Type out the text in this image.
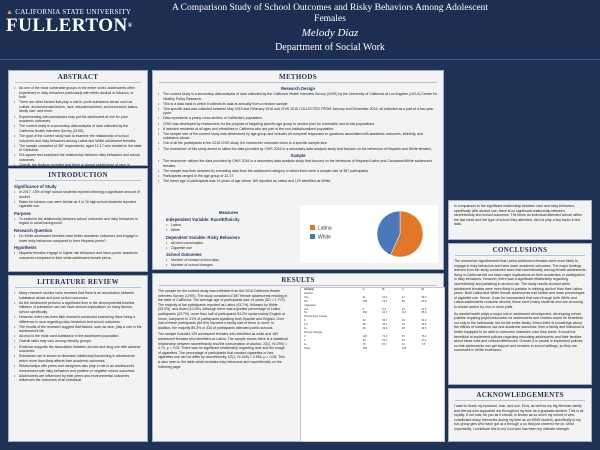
▲ CALIFORNIA STATE UNIVERSITY
FULLERTON®
A Comparison Study of School Outcomes and Risky Behaviors Among Adolescent Females
Melody Diaz
Department of Social Work
ABSTRACT
• As one of the most vulnerable groups in the entire world, adolescents often experiment in risky behaviors particularly with either alcohol or tobacco, or both.
• There are other factors that play a role in youth substance abuse such as culture, environmental factors, race, educational level, socioeconomic status, family size, and more.
• Experimenting with substances may put the adolescent at risk for poor academic outcomes.
• The current study is a secondary data analysis of data collected by the California Health Interview Survey (CHIS).
• The goal of the current study was to examine the relationship of school outcomes and risky behaviors among Latina and White adolescent females.
• The sample consisted of 387 respondents, aged 12-17 who resided in the state of California.
• Chi-square test examined the relationship between risky behaviors and school outcomes.
• Overall, the findings revealed that there is clinical significance of race in
INTRODUCTION
Significance of Study
• In 2017, 13% of high school students reported drinking a significant amount of alcohol.
• Rates for tobacco use were similar as 4 in 10 high school students reported cigarette use.
Purpose
• To examine the relationship between school outcomes and risky behaviors in regard to racial background.
Research Question
• Do White adolescent females have better academic outcomes and engage in lower risky behaviors compared to their Hispanic peers?
Hypothesis
• Hispanic females engage in higher risk behaviors and have poorer academic outcomes compared to their white adolescent female peers.
LITERATURE REVIEW
• Many research studies have revealed that there is an association between substance abuse and poor school outcomes.
• As the adolescent period is a significant time in the developmental timeline, initiation of substance use can have serious implications on many factors, school specifically.
• However, there has been little research conducted examining there being a difference in race regarding risky behaviors and school outcomes.
• The results of the research suggest that factors, such as race, play a role in the adolescent's life.
• Alcohol is the most used substance in the adolescent population.
• Overall rates may vary among minority groups.
• Evidence supports the association between alcohol and drug use with adverse outcomes.
• Substance use is known to decrease intellectual functioning in adolescents which more than likely affects their academic outcomes.
• Relationships with peers and caregivers also play a role in an adolescent's involvement with risky behaviors and positive or negative school outcomes.
• Adolescents are influenced by their peers and environmental outcomes influences the outcomes of an individual.
METHODS
Research Design
• The current study is a secondary data analysis of data collected by the California Health Interview Survey (CHIS) by the University of California at Los Angeles (UCLA) Center for Healthy Policy Research.
• This is a data bank in which it collects its data bi-annually from a random sample.
• This specific data was collected between May 2015 and February 2016 and CHIS 2016 COLLECTED FROM January and December 2016, all collected as a part of a two-year cycle.
• Data represents a yearly cross-section of California's population.
• CHIS was developed by researchers for the purpose of targeting specific age group to service plan for vulnerable and at-risk populations.
• It included residents of all ages and ethnicities in California who are part of the non-institutionalized population.
• The sample size of the current study was determined by age group and includes all complete responses to questions associated with academic outcomes, ethnicity, and substance abuse.
• Out of all the participants in the 2016 CHIS study, the researcher narrowed down to a specific sample size.
• The researcher of this study aimed to utilize the data provided by CHIS 2016 in a secondary data analysis study that focuses on the behaviors of Hispanic and White females.
Sample
• The researcher utilized the data provided by CHIS 2016 in a secondary data analysis study that focused on the behaviors of Hispanic/Latino and Caucasian/White adolescent females.
• The sample was then selected by extracting data from the adolescent category in which there were a sample size of 387 participants.
• Participants ranged in the age group of 12-17.
• The mean age of participants was 14 years of age where 169 reported as Latina and 129 identified as White.
Measures
Independent Variable: Race/Ethnicity
• Latina
• White
Dependent Variable: Risky Behaviors
• Alcohol consumption
• Cigarette use
School Outcomes
• Number of missed school days
• Number of school changes
Latina
White
RESULTS

The sample for the current study was collected from the 2016 California Health Interview Survey (CHIS). The study consisted of 387 female adolescents residing in the state of California. The average age of participants was 14 years (SD = 1.707). The majority of the participants reported as Latino (43.7%), followed by White (33.3%), and Asian (10.6%). Although there was a greater percentage of Latino participants (43.7%), more than half of participants 53.2% spoke mainly English at home, compared to 31% of participants speaking both Spanish and English. Over half of these participants (64.6%) reported a family size of three or more. In addition, the majority 86.3% or 334 of participants attended public schools.

The sample included 129 adolescent females who identified as white and 169 adolescent females who identified as Latina. The sample shows there is a statistical relationship between race/ethnicity and the consumption of alcohol, X2(1, N=299) = 4.79, p = 0.03. There was no significant relationship regarding race and the usage of cigarettes. The percentage of participants that smoked cigarettes or had cigarettes use did not differ by race/ethnicity, X2(1, N=349) = 3.556, p = 0.06. This is also seen in the table which includes risky behaviors and race/ethnicity on the following page.

Variable	n	%	n	%
Alcohol
Yes	41	24.3	47	36.4
No	128	75.7	82	63.6
Cigarettes
Yes	9	5.3	15	11.6
No	160	94.7	114	88.4
School days missed
0	62	36.7	40	31.0
1-2	58	34.3	51	39.5
3+	49	29.0	38	29.5
School changes
0	120	71.0	97	75.2
1	34	20.1	22	17.1
2+	15	8.9	10	7.8
Total	169	129

In comparison to the significant relationship between race and risky behaviors, specifically with alcohol use; there is no significant relationship between race/ethnicity and school outcomes. The times an individual attended school within the last week and the type of school they attended, did not play a key factor in the data.

CONCLUSIONS

The researcher hypothesized that Latina adolescent females were more likely to engage in risky behaviors and have lower academic outcomes. The major findings learned from the study conducted were that race/ethnicity among female adolescents living in California did not have major implications on their academics or participation in risky behaviors. However, there was a significant relationship regarding race/ethnicity and partaking in alcohol use. The study results showed white adolescent females were more likely to partake in drinking alcohol than their Latina peers. Both Latina and White female adolescents had similar and lower percentages of cigarette use. Hence, it can be summarized that even though both White and Latina adolescents consume alcohol, these aren't many students who are choosing to smoke and/or try one or more puffs.

As mental health plays a major role in adolescent development, developing school policies requiring psychoeducation for adolescents and choices would be beneficial not only to the individuals, but for the entire family. When there is knowledge about the effects of substance use and academic outcomes, then a family and individual is better equipped to be able to overcome obstacles once they arrive. It would be beneficial to implement policies regarding educating adolescents and their families about these risks and cultural differences. Overall, it is pivotal to implement policies so that adolescents can get support and services in school settings, so they are successful in all life endeavors.

ACKNOWLEDGEMENTS

I want to thank my husband, Ivan, and son, Ezra, as well as my big Mexican family and friends who supported me throughout my time as a graduate student. This is all royalty. If not now, for you as it should, is known as so much my cohort of who contributed many memories during my time as an MSW student, specifically to my bus group girls who have got us a through a so that just cheered me on. Most importantly, I contribute this to my God who has been my ultimate strength.
